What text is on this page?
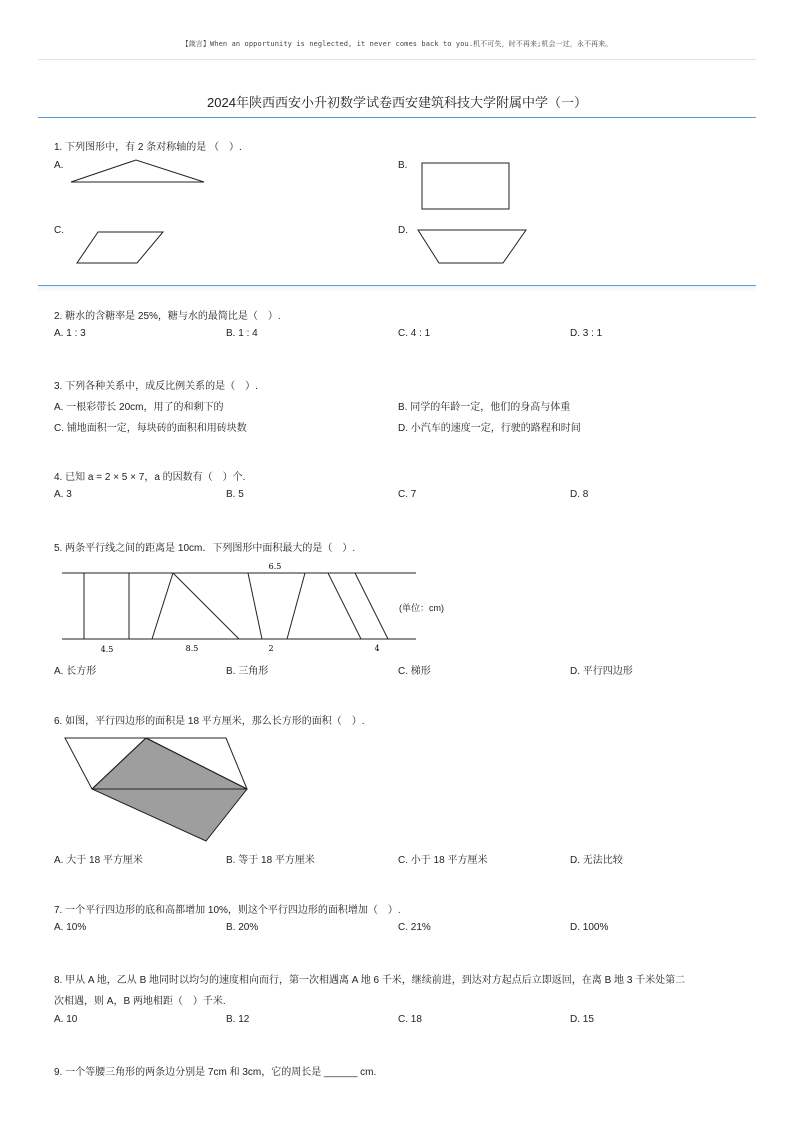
【箴言】When an opportunity is neglected, it never comes back to you.机不可失，时不再来;机会一过，永不再来。
2024年陕西西安小升初数学试卷西安建筑科技大学附属中学（一）
1. 下列图形中，有 2 条对称轴的是 （　）.
A.	B.
C.	D.
2. 糖水的含糖率是 25%，糖与水的最简比是（　）.
A. 1 : 3	B. 1 : 4	C. 4 : 1	D. 3 : 1
3. 下列各种关系中，成反比例关系的是（　）.
A. 一根彩带长 20cm，用了的和剩下的	B. 同学的年龄一定，他们的身高与体重
C. 铺地面积一定，每块砖的面积和用砖块数	D. 小汽车的速度一定，行驶的路程和时间
4. 已知 a = 2 × 5 × 7，a 的因数有（　）个.
A. 3	B. 5	C. 7	D. 8
5. 两条平行线之间的距离是 10cm．下列图形中面积最大的是（　）.
6.5
4.5	8.5	2	4
(单位：cm)
A. 长方形	B. 三角形	C. 梯形	D. 平行四边形
6. 如图，平行四边形的面积是 18 平方厘米，那么长方形的面积（　）.
A. 大于 18 平方厘米	B. 等于 18 平方厘米	C. 小于 18 平方厘米	D. 无法比较
7. 一个平行四边形的底和高都增加 10%，则这个平行四边形的面积增加（　）.
A. 10%	B. 20%	C. 21%	D. 100%
8. 甲从 A 地，乙从 B 地同时以均匀的速度相向而行，第一次相遇离 A 地 6 千米，继续前进，到达对方起点后立即返回，在离 B 地 3 千米处第二
次相遇，则 A，B 两地相距（　）千米.
A. 10	B. 12	C. 18	D. 15
9. 一个等腰三角形的两条边分别是 7cm 和 3cm，它的周长是 ______ cm.
